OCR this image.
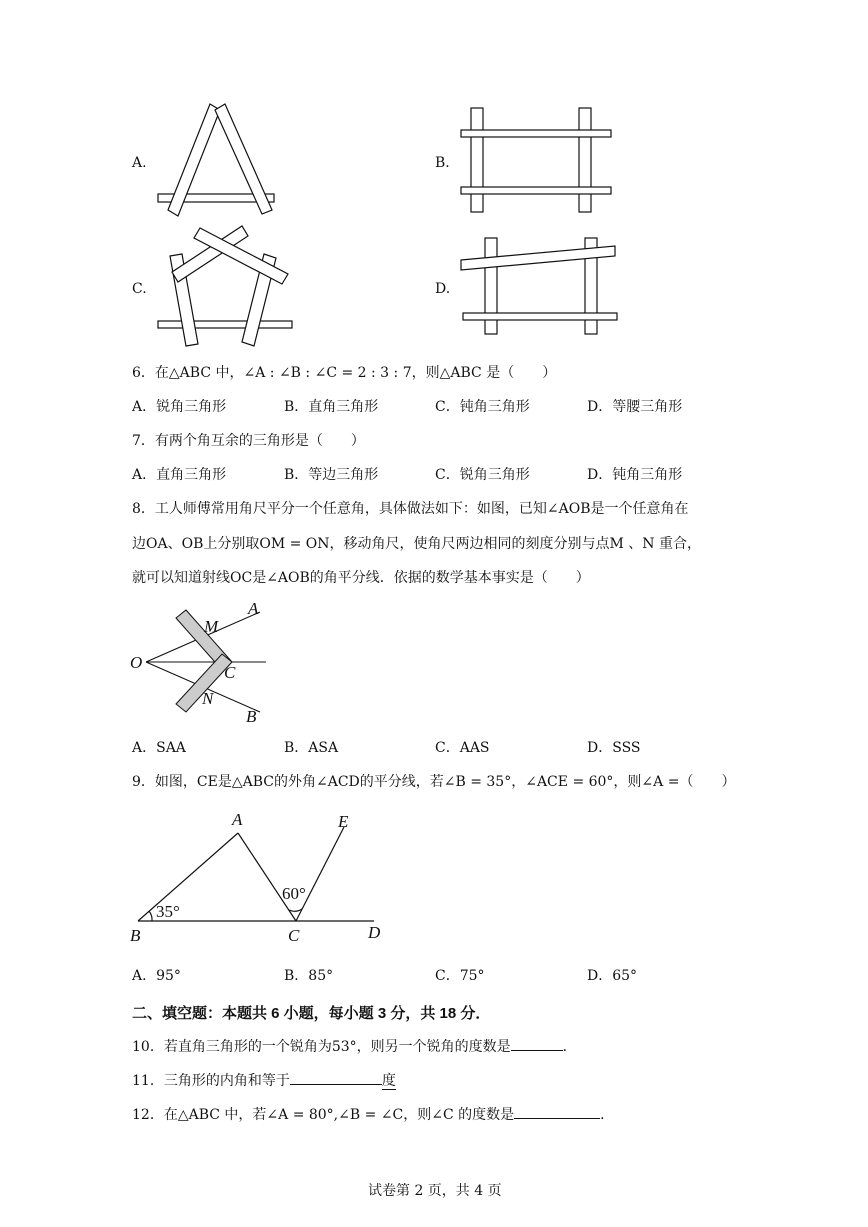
A.	B.
C.	D.
6．在△ABC 中，∠A : ∠B : ∠C = 2 : 3 : 7，则△ABC 是（　　）
A．锐角三角形	B．直角三角形	C．钝角三角形	D．等腰三角形
7．有两个角互余的三角形是（　　）
A．直角三角形	B．等边三角形	C．锐角三角形	D．钝角三角形
8．工人师傅常用角尺平分一个任意角，具体做法如下：如图，已知∠AOB是一个任意角在
边OA、OB上分别取OM = ON，移动角尺，使角尺两边相同的刻度分别与点M 、N 重合，
就可以知道射线OC是∠AOB的角平分线．依据的数学基本事实是（　　）
O
A
M
C
N
B
A．SAA	B．ASA	C．AAS	D．SSS
9．如图，CE是△ABC的外角∠ACD的平分线，若∠B = 35°，∠ACE = 60°，则∠A =（　　）
A
B	C	D
E
35°
60°
A．95°	B．85°	C．75°	D．65°
二、填空题：本题共 6 小题，每小题 3 分，共 18 分．
10．若直角三角形的一个锐角为53°，则另一个锐角的度数是	．
11．三角形的内角和等于	度
12．在△ABC 中，若∠A = 80°,∠B = ∠C，则∠C 的度数是	．
试卷第 2 页，共 4 页
